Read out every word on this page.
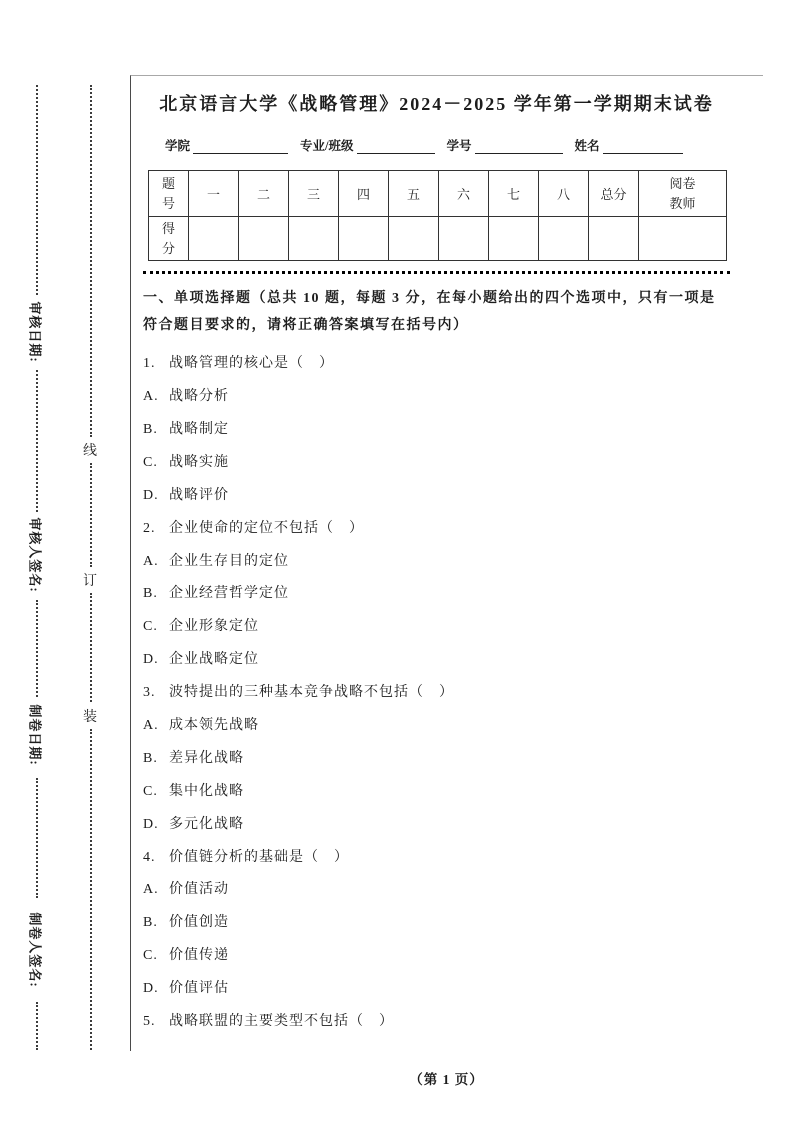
审核日期:
审核人签名:
制卷日期:
制卷人签名:
线
订
装
北京语言大学《战略管理》2024－2025 学年第一学期期末试卷
学院	专业/班级	学号	姓名
题号	一	二	三	四	五	六	七	八	总分	阅卷教师
得分										

一、单项选择题（总共 10 题，每题 3 分，在每小题给出的四个选项中，只有一项是符合题目要求的，请将正确答案填写在括号内）

1. 战略管理的核心是（　）
A. 战略分析
B. 战略制定
C. 战略实施
D. 战略评价
2. 企业使命的定位不包括（　）
A. 企业生存目的定位
B. 企业经营哲学定位
C. 企业形象定位
D. 企业战略定位
3. 波特提出的三种基本竞争战略不包括（　）
A. 成本领先战略
B. 差异化战略
C. 集中化战略
D. 多元化战略
4. 价值链分析的基础是（　）
A. 价值活动
B. 价值创造
C. 价值传递
D. 价值评估
5. 战略联盟的主要类型不包括（　）
（第 1 页）
